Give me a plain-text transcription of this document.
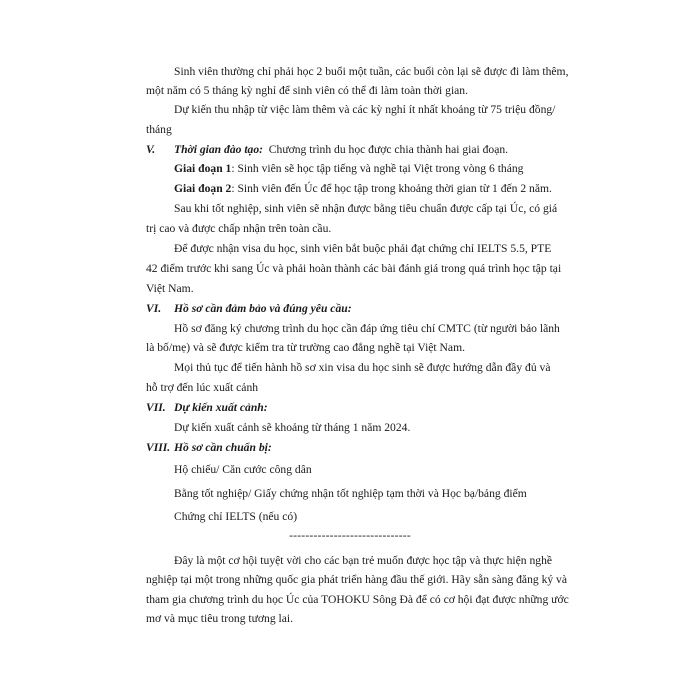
Sinh viên thường chỉ phải học 2 buổi một tuần, các buổi còn lại sẽ được đi làm thêm,
một năm có 5 tháng kỳ nghỉ để sinh viên có thể đi làm toàn thời gian.
Dự kiến thu nhập từ việc làm thêm và các kỳ nghỉ ít nhất khoảng từ 75 triệu đồng/
tháng
V. Thời gian đào tạo: Chương trình du học được chia thành hai giai đoạn.
Giai đoạn 1: Sinh viên sẽ học tập tiếng và nghề tại Việt trong vòng 6 tháng
Giai đoạn 2: Sinh viên đến Úc để học tập trong khoảng thời gian từ 1 đến 2 năm.
Sau khi tốt nghiệp, sinh viên sẽ nhận được bằng tiêu chuẩn được cấp tại Úc, có giá
trị cao và được chấp nhận trên toàn cầu.
Để được nhận visa du học, sinh viên bắt buộc phải đạt chứng chỉ IELTS 5.5, PTE
42 điểm trước khi sang Úc và phải hoàn thành các bài đánh giá trong quá trình học tập tại
Việt Nam.
VI. Hồ sơ cần đảm bảo và đúng yêu cầu:
Hồ sơ đăng ký chương trình du học cần đáp ứng tiêu chí CMTC (từ người bảo lãnh
là bố/mẹ) và sẽ được kiểm tra từ trường cao đẳng nghề tại Việt Nam.
Mọi thủ tục để tiến hành hồ sơ xin visa du học sinh sẽ được hướng dẫn đầy đủ và
hỗ trợ đến lúc xuất cảnh
VII. Dự kiến xuất cảnh:
Dự kiến xuất cảnh sẽ khoảng từ tháng 1 năm 2024.
VIII. Hồ sơ cần chuẩn bị:
Hộ chiếu/ Căn cước công dân
Bằng tốt nghiệp/ Giấy chứng nhận tốt nghiệp tạm thời và Học bạ/bảng điểm
Chứng chỉ IELTS (nếu có)
------------------------------
Đây là một cơ hội tuyệt vời cho các bạn trẻ muốn được học tập và thực hiện nghề
nghiệp tại một trong những quốc gia phát triển hàng đầu thế giới. Hãy sẵn sàng đăng ký và
tham gia chương trình du học Úc của TOHOKU Sông Đà để có cơ hội đạt được những ước
mơ và mục tiêu trong tương lai.
